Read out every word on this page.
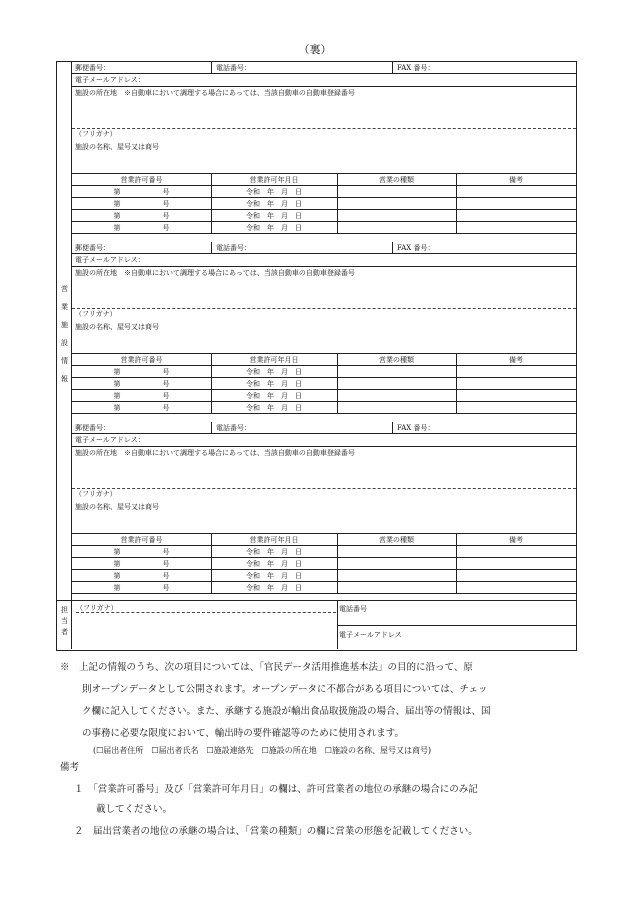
（裏）
営
業
施
設
情
報
郵便番号：	電話番号：	FAX 番号：
電子メールアドレス：
施設の所在地　※自動車において調理する場合にあっては、当該自動車の自動車登録番号
（フリガナ）
施設の名称、屋号又は商号
営業許可番号	営業許可年月日	営業の種類	備考
第　　　　　　号	令和　年　月　日
第　　　　　　号	令和　年　月　日
第　　　　　　号	令和　年　月　日
第　　　　　　号	令和　年　月　日
郵便番号：	電話番号：	FAX 番号：
電子メールアドレス：
施設の所在地　※自動車において調理する場合にあっては、当該自動車の自動車登録番号
（フリガナ）
施設の名称、屋号又は商号
営業許可番号	営業許可年月日	営業の種類	備考
第　　　　　　号	令和　年　月　日
第　　　　　　号	令和　年　月　日
第　　　　　　号	令和　年　月　日
第　　　　　　号	令和　年　月　日
郵便番号：	電話番号：	FAX 番号：
電子メールアドレス：
施設の所在地　※自動車において調理する場合にあっては、当該自動車の自動車登録番号
（フリガナ）
施設の名称、屋号又は商号
営業許可番号	営業許可年月日	営業の種類	備考
第　　　　　　号	令和　年　月　日
第　　　　　　号	令和　年　月　日
第　　　　　　号	令和　年　月　日
第　　　　　　号	令和　年　月　日
担
当
者
（フリガナ）	電話番号
電子メールアドレス
※　上記の情報のうち、次の項目については、「官民データ活用推進基本法」の目的に沿って、原
則オープンデータとして公開されます。オープンデータに不都合がある項目については、チェッ
ク欄に記入してください。また、承継する施設が輸出食品取扱施設の場合、届出等の情報は、国
の事務に必要な限度において、輸出時の要件確認等のために使用されます。
(☐届出者住所　☐届出者氏名　☐施設連絡先　☐施設の所在地　☐施設の名称、屋号又は商号)
備考
１　「営業許可番号」及び「営業許可年月日」の欄は、許可営業者の地位の承継の場合にのみ記
載してください。
２　届出営業者の地位の承継の場合は、「営業の種類」の欄に営業の形態を記載してください。
